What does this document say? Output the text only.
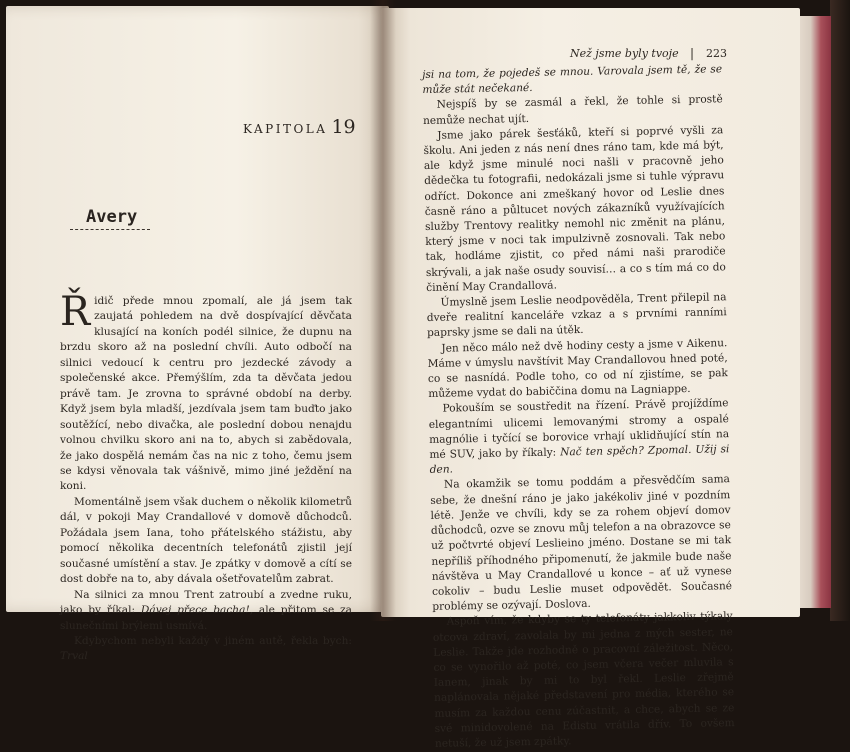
KAPITOLA 19
Avery

Řidič přede mnou zpomalí, ale já jsem tak zaujatá pohledem na dvě dospívající děvčata klusající na koních podél silnice, že dupnu na brzdu skoro až na poslední chvíli. Auto odbočí na silnici vedoucí k centru pro jezdecké závody a společenské akce. Přemýšlím, zda ta děvčata jedou právě tam. Je zrovna to správné období na derby. Když jsem byla mladší, jezdívala jsem tam buďto jako soutěžící, nebo divačka, ale poslední dobou nenajdu volnou chvilku skoro ani na to, abych si zabědovala, že jako dospělá nemám čas na nic z toho, čemu jsem se kdysi věnovala tak vášnivě, mimo jiné ježdění na koni.

Momentálně jsem však duchem o několik kilometrů dál, v pokoji May Crandallové v domově důchodců. Požádala jsem Iana, toho přátelského stážistu, aby pomocí několika decentních telefonátů zjistil její současné umístění a stav. Je zpátky v domově a cítí se dost dobře na to, aby dávala ošetřovatelům zabrat.

Na silnici za mnou Trent zatroubí a zvedne ruku, jako by říkal: Dávej přece bacha!, ale přitom se za slunečními brýlemi usmívá.

Kdybychom nebyli každý v jiném autě, řekla bych: Trval

Než jsme byly tvoje | 223

jsi na tom, že pojedeš se mnou. Varovala jsem tě, že se může stát nečekané.

Nejspíš by se zasmál a řekl, že tohle si prostě nemůže nechat ujít.

Jsme jako párek šesťáků, kteří si poprvé vyšli za školu. Ani jeden z nás není dnes ráno tam, kde má být, ale když jsme minulé noci našli v pracovně jeho dědečka tu fotografii, nedokázali jsme si tuhle výpravu odříct. Dokonce ani zmeškaný hovor od Leslie dnes časně ráno a půltucet nových zákazníků využívajících služby Trentovy realitky nemohl nic změnit na plánu, který jsme v noci tak impulzivně zosnovali. Tak nebo tak, hodláme zjistit, co před námi naši prarodiče skrývali, a jak naše osudy souvisí… a co s tím má co do činění May Crandallová.

Úmyslně jsem Leslie neodpověděla, Trent přilepil na dveře realitní kanceláře vzkaz a s prvními ranními paprsky jsme se dali na útěk.

Jen něco málo než dvě hodiny cesty a jsme v Aikenu. Máme v úmyslu navštívit May Crandallovou hned poté, co se nasnídá. Podle toho, co od ní zjistíme, se pak můžeme vydat do babiččina domu na Lagniappe.

Pokouším se soustředit na řízení. Právě projíždíme elegantními ulicemi lemovanými stromy a ospalé magnólie i tyčící se borovice vrhají uklidňující stín na mé SUV, jako by říkaly: Nač ten spěch? Zpomal. Užij si den.

Na okamžik se tomu poddám a přesvědčím sama sebe, že dnešní ráno je jako jakékoliv jiné v pozdním létě. Jenže ve chvíli, kdy se za rohem objeví domov důchodců, ozve se znovu můj telefon a na obrazovce se už počtvrté objeví Leslieino jméno. Dostane se mi tak nepříliš příhodného připomenutí, že jakmile bude naše návštěva u May Crandallové u konce – ať už vynese cokoliv – budu Leslie muset odpovědět. Současné problémy se ozývají. Doslova.

Aspoň vím, že kdyby se ty telefonáty jakkoliv týkaly otcova zdraví, zavolala by mi jedna z mých sester, ne Leslie. Takže jde rozhodně o pracovní záležitost. Něco, co se vynořilo až poté, co jsem včera večer mluvila s Ianem, jinak by mi to byl řekl. Leslie zřejmě naplánovala nějaké představení pro média, kterého se musím za každou cenu zúčastnit, a chce, abych se ze své minidovolené na Edistu vrátila dřív. To ovšem netuší, že už jsem zpátky.
